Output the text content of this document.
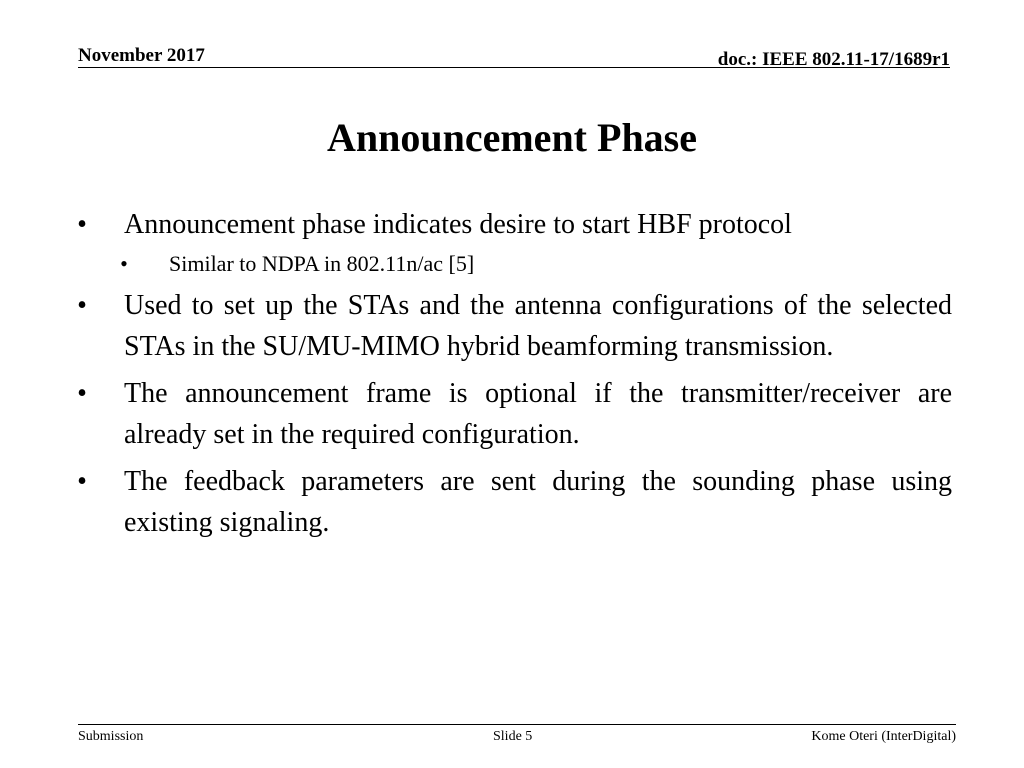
November 2017	doc.: IEEE 802.11-17/1689r1
Announcement Phase
• Announcement phase indicates desire to start HBF protocol
• Similar to NDPA in 802.11n/ac [5]
• Used to set up the STAs and the antenna configurations of the selected STAs in the SU/MU-MIMO hybrid beamforming transmission.
• The announcement frame is optional if the transmitter/receiver are already set in the required configuration.
• The feedback parameters are sent during the sounding phase using existing signaling.
Submission	Slide 5	Kome Oteri (InterDigital)
